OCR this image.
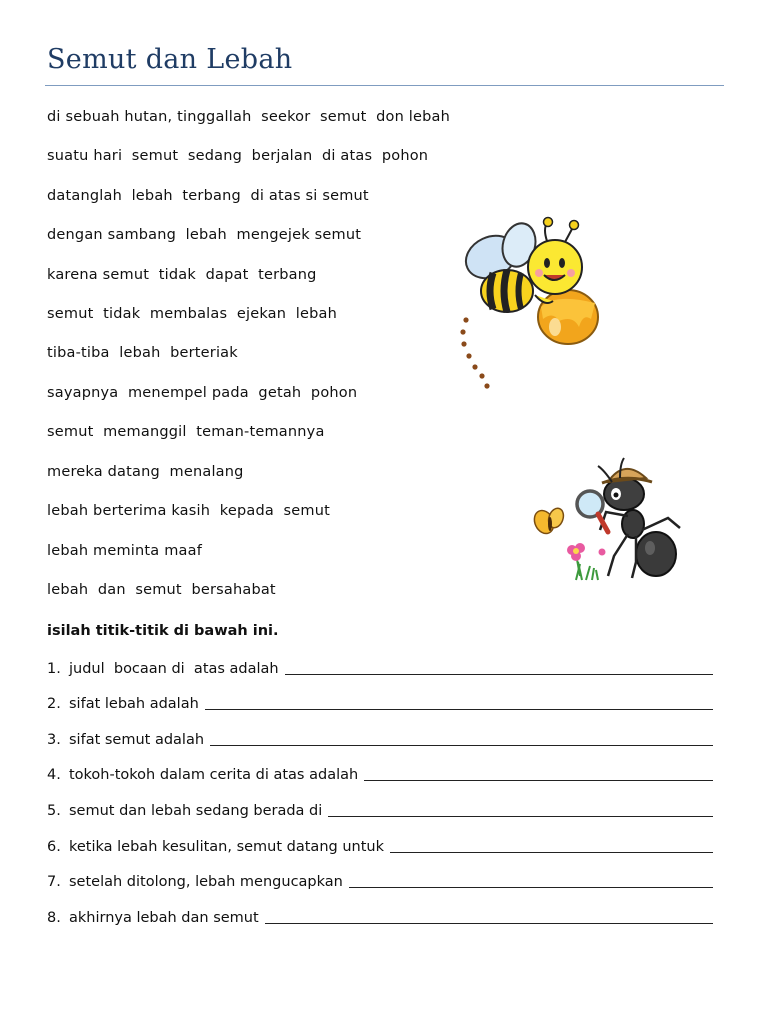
Semut dan Lebah
di sebuah hutan, tinggallah  seekor  semut  don lebah
suatu hari  semut  sedang  berjalan  di atas  pohon
datanglah  lebah  terbang  di atas si semut
dengan sambang  lebah  mengejek semut
karena semut  tidak  dapat  terbang
semut  tidak  membalas  ejekan  lebah
tiba-tiba  lebah  berteriak
sayapnya  menempel pada  getah  pohon
semut  memanggil  teman-temannya
mereka datang  menalang
lebah berterima kasih  kepada  semut
lebah meminta maaf
lebah  dan  semut  bersahabat
isilah titik-titik di bawah ini.
1. judul  bocaan di  atas adalah
2. sifat lebah adalah
3. sifat semut adalah
4. tokoh-tokoh dalam cerita di atas adalah
5. semut dan lebah sedang berada di
6. ketika lebah kesulitan, semut datang untuk
7. setelah ditolong, lebah mengucapkan
8. akhirnya lebah dan semut
